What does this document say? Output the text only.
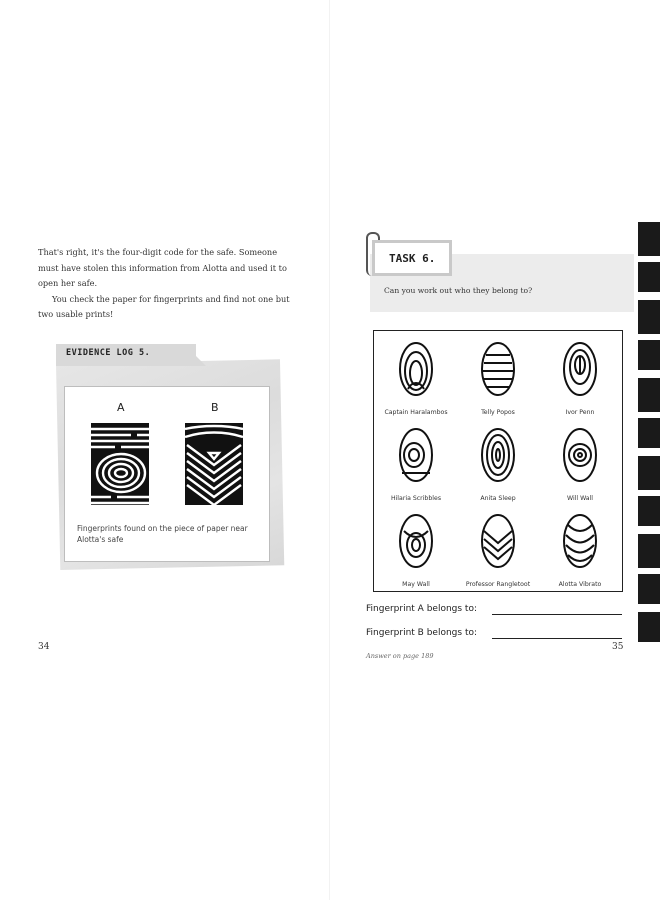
That's right, it's the four-digit code for the safe. Someone must have stolen this information from Alotta and used it to open her safe.

You check the paper for fingerprints and find not one but two usable prints!

EVIDENCE LOG 5.
A	B
Fingerprints found on the piece of paper near Alotta's safe
34
TASK 6.
Can you work out who they belong to?
Captain Haralambos	Telly Popos	Ivor Penn
Hilaria Scribbles	Anita Sleep	Will Wall
May Wall	Professor Rangletoot	Alotta Vibrato
Fingerprint A belongs to:
Fingerprint B belongs to:
Answer on page 189
35
